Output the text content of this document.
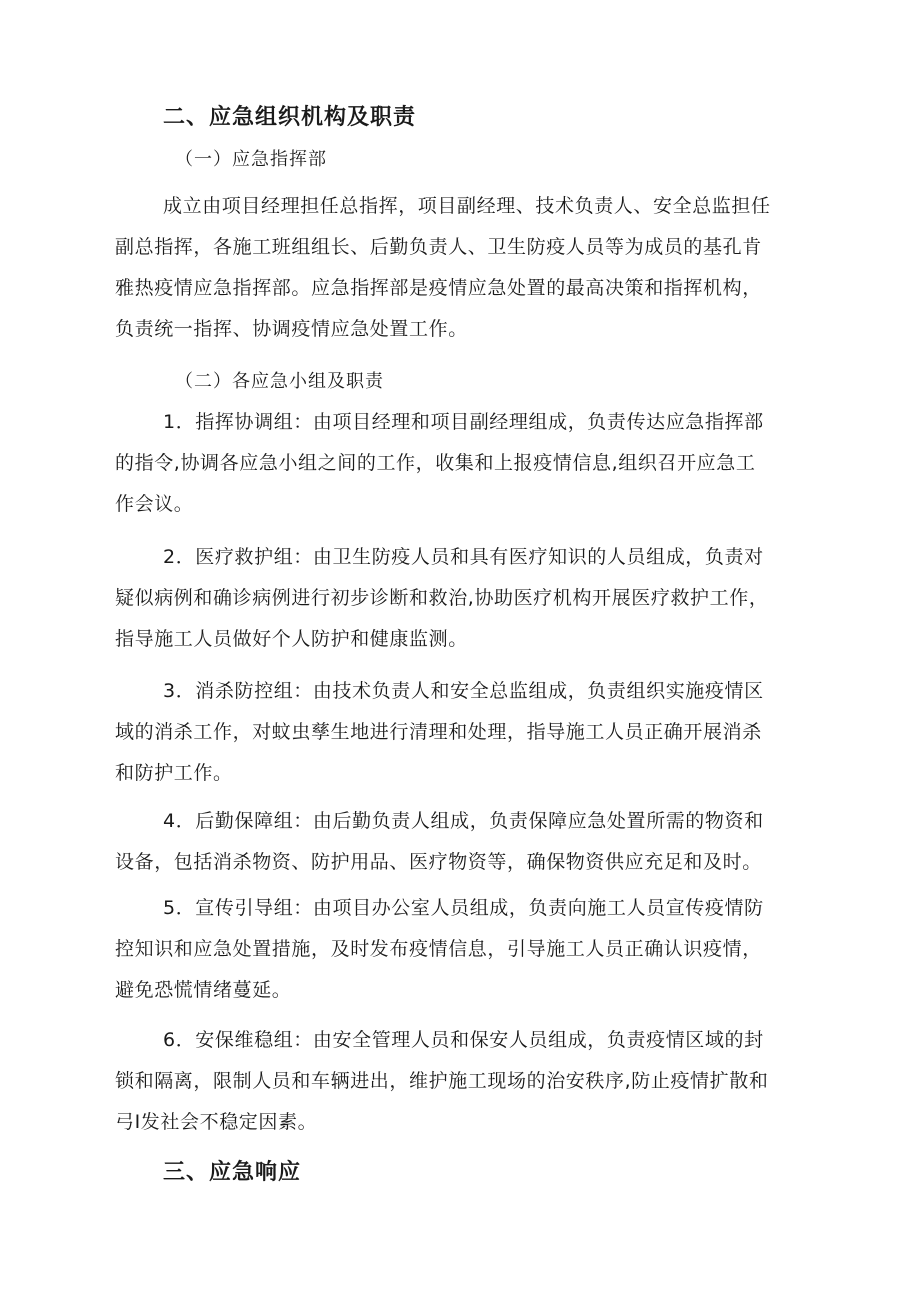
二、应急组织机构及职责
（一）应急指挥部
成立由项目经理担任总指挥，项目副经理、技术负责人、安全总监担任
副总指挥，各施工班组组长、后勤负责人、卫生防疫人员等为成员的基孔肯
雅热疫情应急指挥部。应急指挥部是疫情应急处置的最高决策和指挥机构，
负责统一指挥、协调疫情应急处置工作。
（二）各应急小组及职责
1．指挥协调组：由项目经理和项目副经理组成，负责传达应急指挥部
的指令,协调各应急小组之间的工作，收集和上报疫情信息,组织召开应急工
作会议。
2．医疗救护组：由卫生防疫人员和具有医疗知识的人员组成，负责对
疑似病例和确诊病例进行初步诊断和救治,协助医疗机构开展医疗救护工作，
指导施工人员做好个人防护和健康监测。
3．消杀防控组：由技术负责人和安全总监组成，负责组织实施疫情区
域的消杀工作，对蚊虫孳生地进行清理和处理，指导施工人员正确开展消杀
和防护工作。
4．后勤保障组：由后勤负责人组成，负责保障应急处置所需的物资和
设备，包括消杀物资、防护用品、医疗物资等，确保物资供应充足和及时。
5．宣传引导组：由项目办公室人员组成，负责向施工人员宣传疫情防
控知识和应急处置措施，及时发布疫情信息，引导施工人员正确认识疫情，
避免恐慌情绪蔓延。
6．安保维稳组：由安全管理人员和保安人员组成，负责疫情区域的封
锁和隔离，限制人员和车辆进出，维护施工现场的治安秩序,防止疫情扩散和
弓I发社会不稳定因素。
三、应急响应
